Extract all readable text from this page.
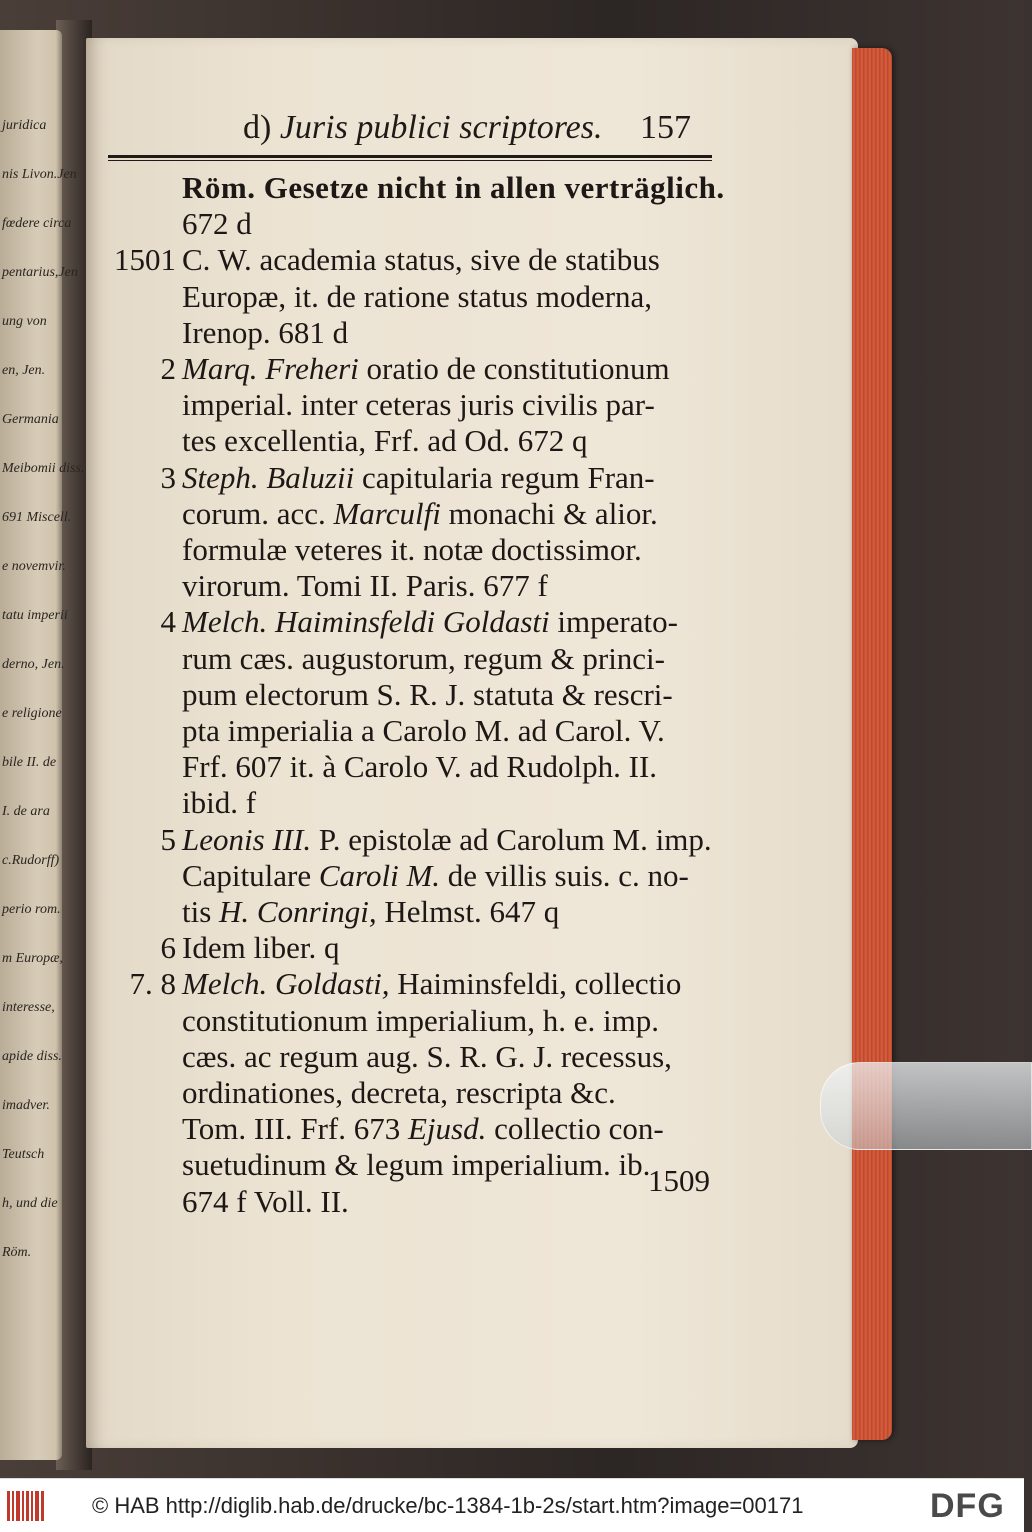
juridica
nis Livon.Jen
fœdere circa
pentarius,Jen
ung von
en, Jen.
Germania
Meibomii diss.
691 Miscell.
e novemvir.
tatu imperii
derno, Jen.
e religione
bile II. de
I. de ara
c.Rudorff)
perio rom.
m Europæ,
interesse,
apide diss.
imadver.
Teutsch
h, und die
Röm.
d) Juris publici scriptores. 157
Röm. Gesetze nicht in allen verträglich.
672 d
1501 C. W. academia status, sive de statibus
Europæ, it. de ratione status moderna,
Irenop. 681 d
2 Marq. Freheri oratio de constitutionum
imperial. inter ceteras juris civilis par-
tes excellentia, Frf. ad Od. 672 q
3 Steph. Baluzii capitularia regum Fran-
corum. acc. Marculfi monachi & alior.
formulæ veteres it. notæ doctissimor.
virorum. Tomi II. Paris. 677 f
4 Melch. Haiminsfeldi Goldasti imperato-
rum cæs. augustorum, regum & princi-
pum electorum S. R. J. statuta & rescri-
pta imperialia a Carolo M. ad Carol. V.
Frf. 607 it. à Carolo V. ad Rudolph. II.
ibid. f
5 Leonis III. P. epistolæ ad Carolum M. imp.
Capitulare Caroli M. de villis suis. c. no-
tis H. Conringi, Helmst. 647 q
6 Idem liber. q
7. 8 Melch. Goldasti, Haiminsfeldi, collectio
constitutionum imperialium, h. e. imp.
cæs. ac regum aug. S. R. G. J. recessus,
ordinationes, decreta, rescripta &c.
Tom. III. Frf. 673 Ejusd. collectio con-
suetudinum & legum imperialium. ib.
674 f Voll. II.
1509
© HAB http://diglib.hab.de/drucke/bc-1384-1b-2s/start.htm?image=00171	DFG
